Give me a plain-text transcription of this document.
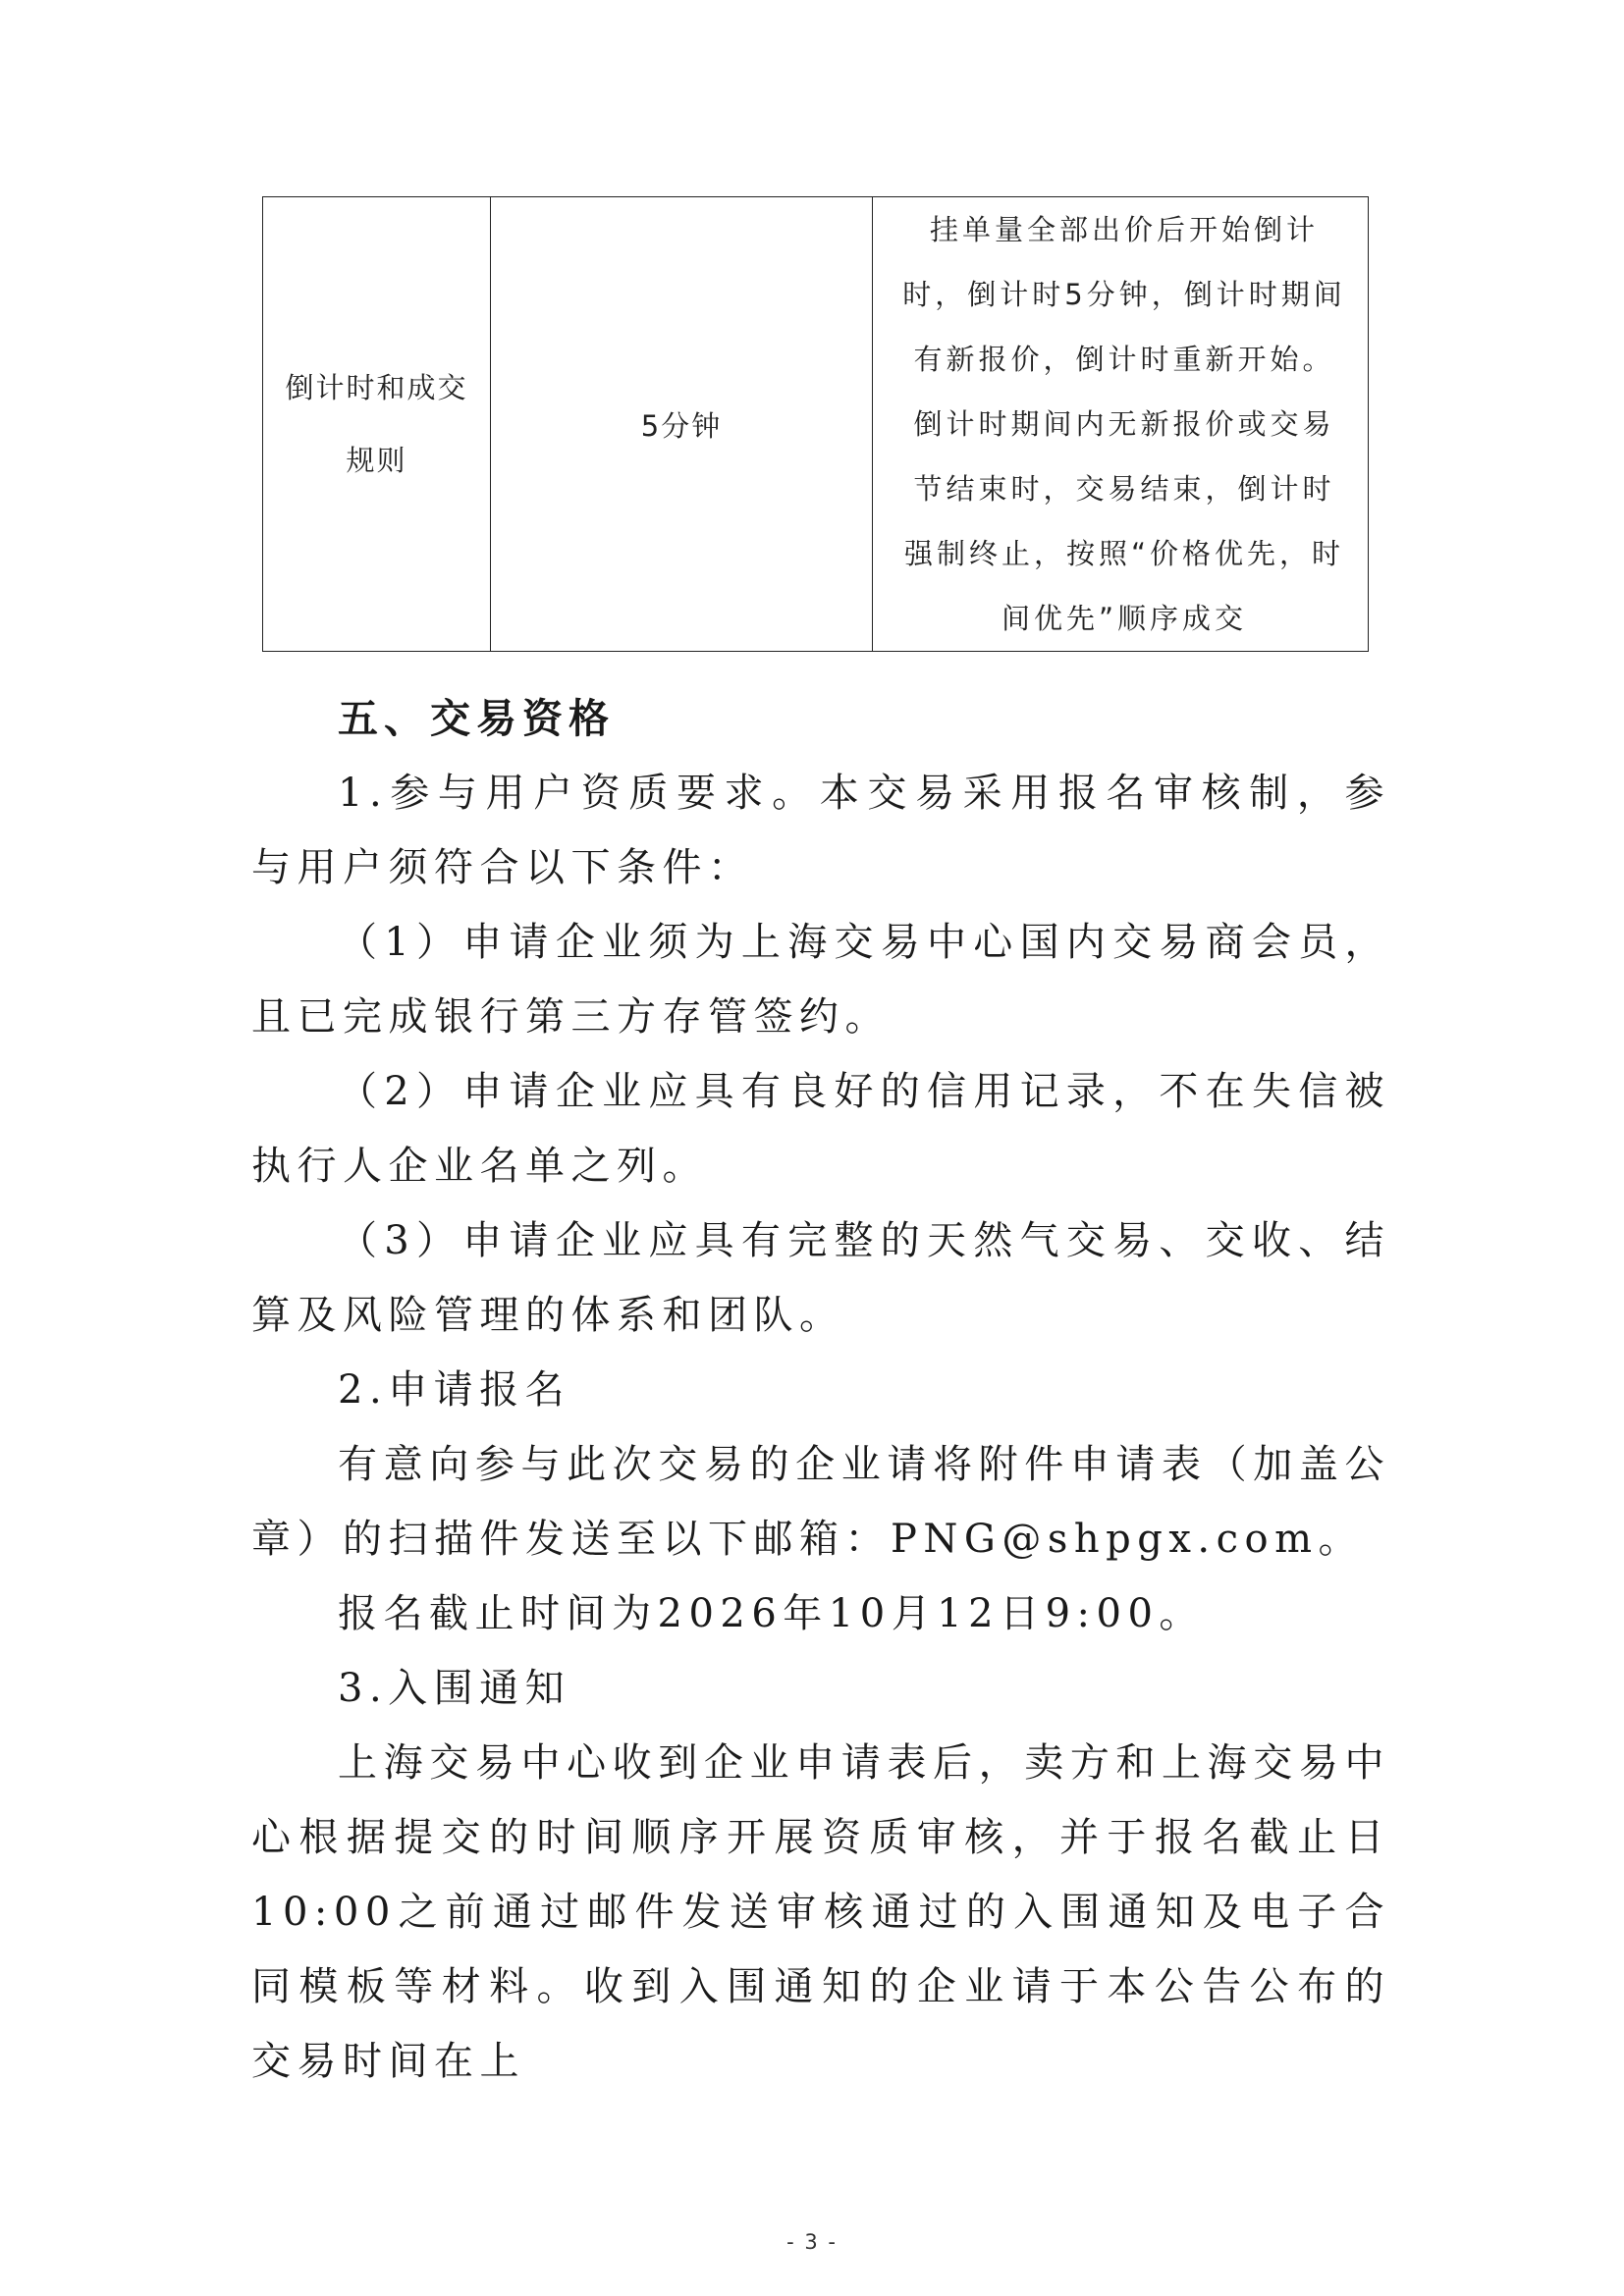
倒计时和成交规则	5分钟	挂单量全部出价后开始倒计时，倒计时5分钟，倒计时期间有新报价，倒计时重新开始。倒计时期间内无新报价或交易节结束时，交易结束，倒计时强制终止，按照“价格优先，时间优先”顺序成交

五、交易资格

1.参与用户资质要求。本交易采用报名审核制，参与用户须符合以下条件：

（1）申请企业须为上海交易中心国内交易商会员，且已完成银行第三方存管签约。

（2）申请企业应具有良好的信用记录，不在失信被执行人企业名单之列。

（3）申请企业应具有完整的天然气交易、交收、结算及风险管理的体系和团队。

2.申请报名

有意向参与此次交易的企业请将附件申请表（加盖公章）的扫描件发送至以下邮箱：PNG@shpgx.com。

报名截止时间为2026年10月12日9:00。

3.入围通知

上海交易中心收到企业申请表后，卖方和上海交易中心根据提交的时间顺序开展资质审核，并于报名截止日10:00之前通过邮件发送审核通过的入围通知及电子合同模板等材料。收到入围通知的企业请于本公告公布的交易时间在上

- 3 -
